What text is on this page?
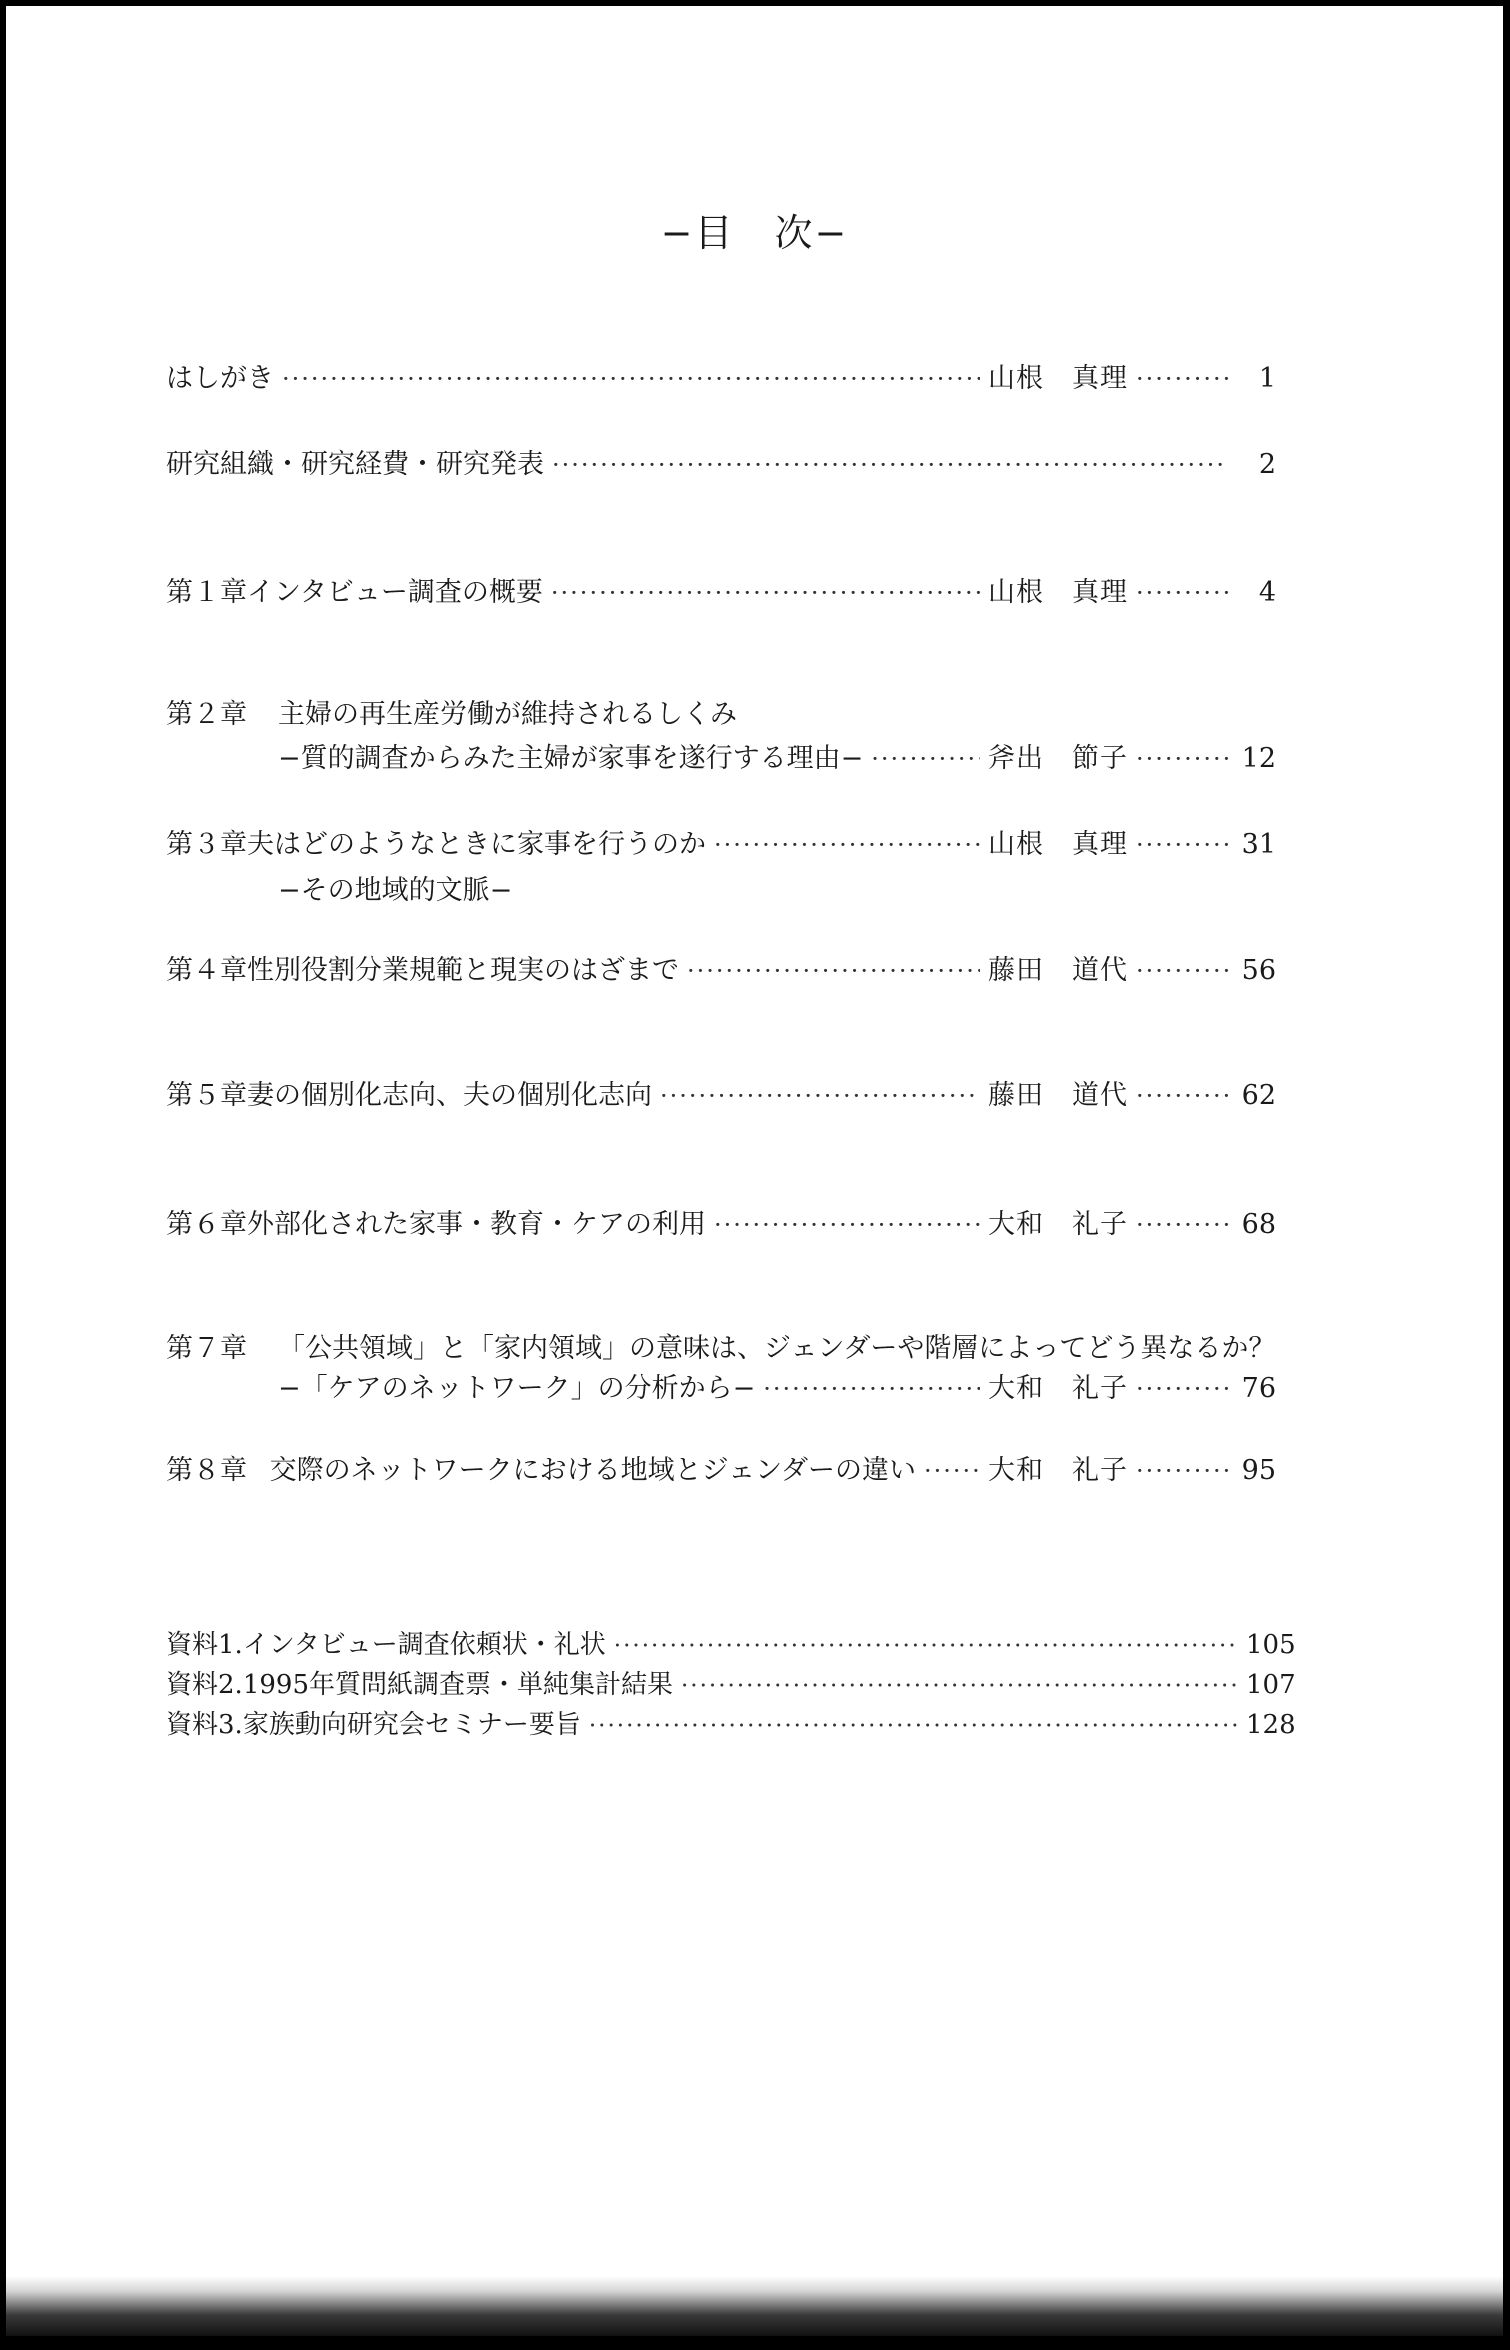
−目　次−
はしがき ·····	山根　真理 ·····	1
研究組織・研究経費・研究発表 ·····	2
第１章 インタビュー調査の概要 ·····	山根　真理 ·····	4
第２章	主婦の再生産労働が維持されるしくみ
−質的調査からみた主婦が家事を遂行する理由− ·····	斧出　節子 ·····	12
第３章 夫はどのようなときに家事を行うのか ·····	山根　真理 ·····	31
−その地域的文脈−
第４章 性別役割分業規範と現実のはざまで ·····	藤田　道代 ·····	56
第５章 妻の個別化志向、夫の個別化志向 ·····	藤田　道代 ·····	62
第６章 外部化された家事・教育・ケアの利用 ·····	大和　礼子 ·····	68
第７章	「公共領域」と「家内領域」の意味は、ジェンダーや階層によってどう異なるか？
−「ケアのネットワーク」の分析から− ·····	大和　礼子 ·····	76
第８章 交際のネットワークにおける地域とジェンダーの違い ·····	大和　礼子 ·····	95
資料 1. インタビュー調査依頼状・礼状 ·····	105
資料 2. 1995年質問紙調査票・単純集計結果 ·····	107
資料 3. 家族動向研究会セミナー要旨 ·····	128
